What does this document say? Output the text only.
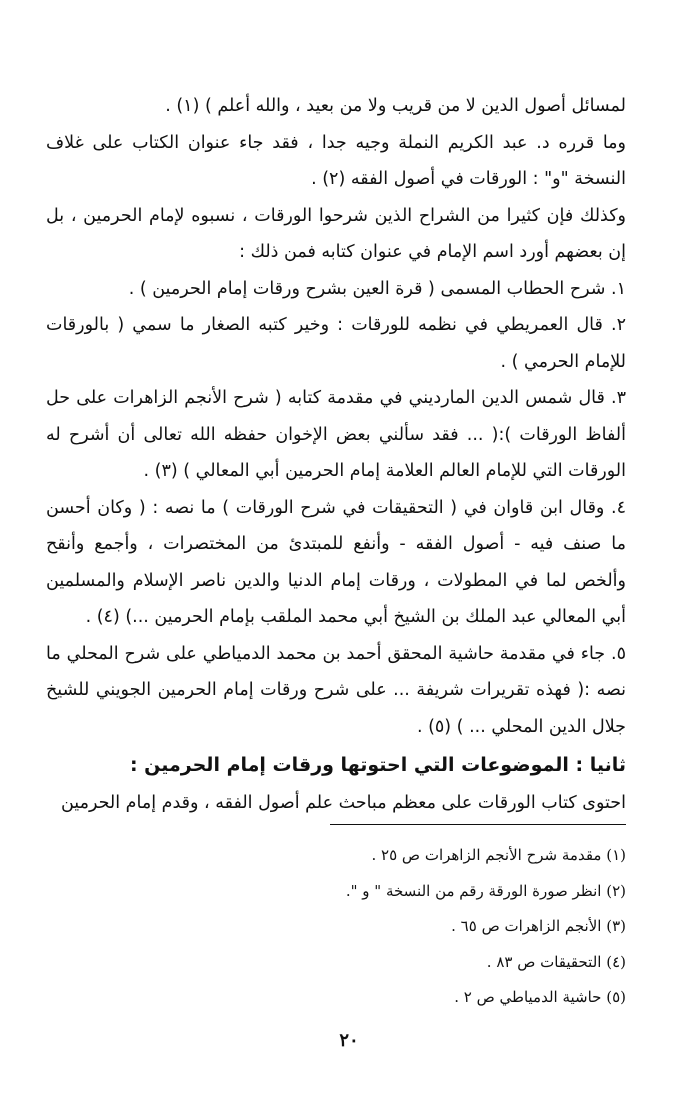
لمسائل أصول الدين لا من قريب ولا من بعيد ، والله أعلم ) (١) .

وما قرره د. عبد الكريم النملة وجيه جدا ، فقد جاء عنوان الكتاب على غلاف النسخة "و" : الورقات في أصول الفقه (٢) .

وكذلك فإن كثيرا من الشراح الذين شرحوا الورقات ، نسبوه لإمام الحرمين ، بل إن بعضهم أورد اسم الإمام في عنوان كتابه فمن ذلك :

١. شرح الحطاب المسمى ( قرة العين بشرح ورقات إمام الحرمين ) .

٢. قال العمريطي في نظمه للورقات : وخير كتبه الصغار ما سمي ( بالورقات للإمام الحرمي ) .

٣. قال شمس الدين المارديني في مقدمة كتابه ( شرح الأنجم الزاهرات على حل ألفاظ الورقات ):( ... فقد سألني بعض الإخوان حفظه الله تعالى أن أشرح له الورقات التي للإمام العالم العلامة إمام الحرمين أبي المعالي ) (٣) .

٤. وقال ابن قاوان في ( التحقيقات في شرح الورقات ) ما نصه : ( وكان أحسن ما صنف فيه - أصول الفقه - وأنفع للمبتدئ من المختصرات ، وأجمع وأنقح وألخص لما في المطولات ، ورقات إمام الدنيا والدين ناصر الإسلام والمسلمين أبي المعالي عبد الملك بن الشيخ أبي محمد الملقب بإمام الحرمين ...) (٤) .

٥. جاء في مقدمة حاشية المحقق أحمد بن محمد الدمياطي على شرح المحلي ما نصه :( فهذه تقريرات شريفة ... على شرح ورقات إمام الحرمين الجويني للشيخ جلال الدين المحلي ... ) (٥) .

ثانيا : الموضوعات التي احتوتها ورقات إمام الحرمين :

احتوى كتاب الورقات على معظم مباحث علم أصول الفقه ، وقدم إمام الحرمين

(١) مقدمة شرح الأنجم الزاهرات ص ٢٥ .

(٢) انظر صورة الورقة رقم من النسخة " و ".

(٣) الأنجم الزاهرات ص ٦٥ .

(٤) التحقيقات ص ٨٣ .

(٥) حاشية الدمياطي ص ٢ .

٢٠
